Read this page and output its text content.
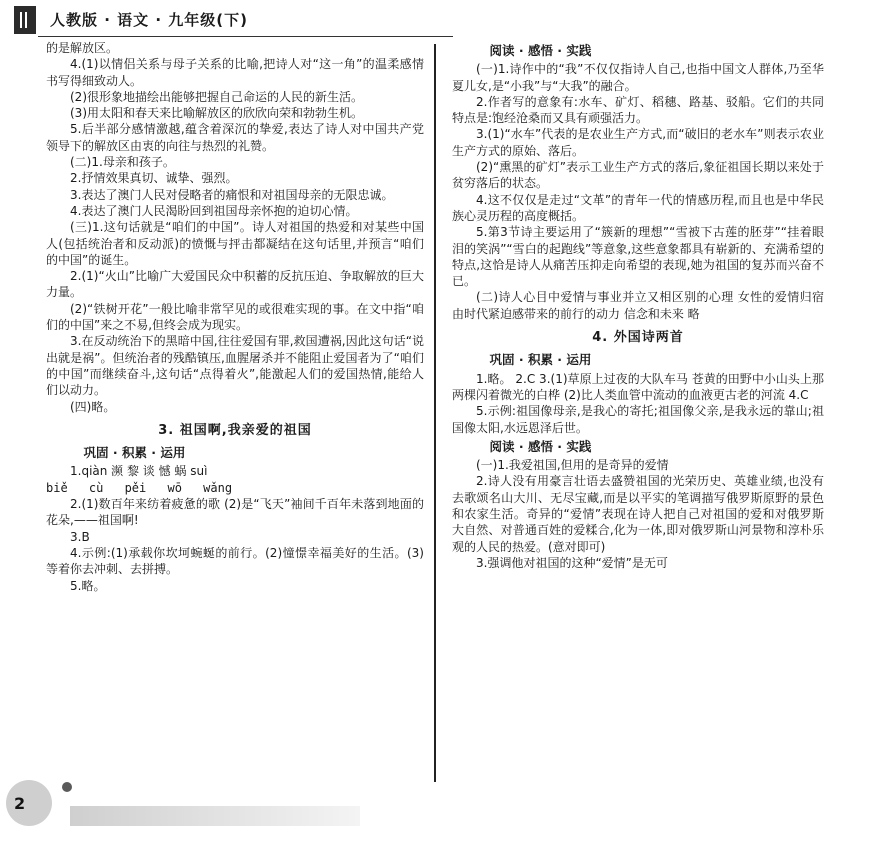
人教版 · 语文 · 九年级(下)
的是解放区。
4.(1)以情侣关系与母子关系的比喻,把诗人对“这一角”的温柔感情书写得细致动人。
(2)很形象地描绘出能够把握自己命运的人民的新生活。
(3)用太阳和春天来比喻解放区的欣欣向荣和勃勃生机。
5.后半部分感情激越,蕴含着深沉的挚爱,表达了诗人对中国共产党领导下的解放区由衷的向往与热烈的礼赞。
(二)1.母亲和孩子。
2.抒情效果真切、诚挚、强烈。
3.表达了澳门人民对侵略者的痛恨和对祖国母亲的无限忠诚。
4.表达了澳门人民渴盼回到祖国母亲怀抱的迫切心情。
(三)1.这句话就是“咱们的中国”。诗人对祖国的热爱和对某些中国人(包括统治者和反动派)的愤慨与抨击都凝结在这句话里,并预言“咱们的中国”的诞生。
2.(1)“火山”比喻广大爱国民众中积蓄的反抗压迫、争取解放的巨大力量。
(2)“铁树开花”一般比喻非常罕见的或很难实现的事。在文中指“咱们的中国”来之不易,但终会成为现实。
3.在反动统治下的黑暗中国,往往爱国有罪,救国遭祸,因此这句话“说出就是祸”。但统治者的残酷镇压,血腥屠杀并不能阻止爱国者为了“咱们的中国”而继续奋斗,这句话“点得着火”,能激起人们的爱国热情,能给人们以动力。
(四)略。
3. 祖国啊,我亲爱的祖国
巩固 · 积累 · 运用
1.qiàn 濒 黎 谈 憾 蜗 suì
biě cù pěi wō wǎng
2.(1)数百年来纺着疲惫的歌 (2)是“飞天”袖间千百年未落到地面的花朵,——祖国啊!
3.B
4.示例:(1)承载你坎坷蜿蜒的前行。(2)憧憬幸福美好的生活。(3)等着你去冲刺、去拼搏。
5.略。
阅读 · 感悟 · 实践
(一)1.诗作中的“我”不仅仅指诗人自己,也指中国文人群体,乃至华夏儿女,是“小我”与“大我”的融合。
2.作者写的意象有:水车、矿灯、稻穗、路基、驳船。它们的共同特点是:饱经沧桑而又具有顽强活力。
3.(1)“水车”代表的是农业生产方式,而“破旧的老水车”则表示农业生产方式的原始、落后。
(2)“熏黑的矿灯”表示工业生产方式的落后,象征祖国长期以来处于贫穷落后的状态。
4.这不仅仅是走过“文革”的青年一代的情感历程,而且也是中华民族心灵历程的高度概括。
5.第3节诗主要运用了“簇新的理想”“雪被下古莲的胚芽”“挂着眼泪的笑涡”“雪白的起跑线”等意象,这些意象都具有崭新的、充满希望的特点,这恰是诗人从痛苦压抑走向希望的表现,她为祖国的复苏而兴奋不已。
(二)诗人心目中爱情与事业并立又相区别的心理 女性的爱情归宿 由时代紧迫感带来的前行的动力 信念和未来 略
4. 外国诗两首
巩固 · 积累 · 运用
1.略。 2.C 3.(1)草原上过夜的大队车马 苍黄的田野中小山头上那两棵闪着微光的白桦 (2)比人类血管中流动的血液更古老的河流 4.C
5.示例:祖国像母亲,是我心的寄托;祖国像父亲,是我永远的靠山;祖国像太阳,水远恩泽后世。
阅读 · 感悟 · 实践
(一)1.我爱祖国,但用的是奇异的爱情
2.诗人没有用豪言壮语去盛赞祖国的光荣历史、英雄业绩,也没有去歌颂名山大川、无尽宝藏,而是以平实的笔调描写俄罗斯原野的景色和农家生活。奇异的“爱情”表现在诗人把自己对祖国的爱和对俄罗斯大自然、对普通百姓的爱糅合,化为一体,即对俄罗斯山河景物和淳朴乐观的人民的热爱。(意对即可)
3.强调他对祖国的这种“爱情”是无可
2
